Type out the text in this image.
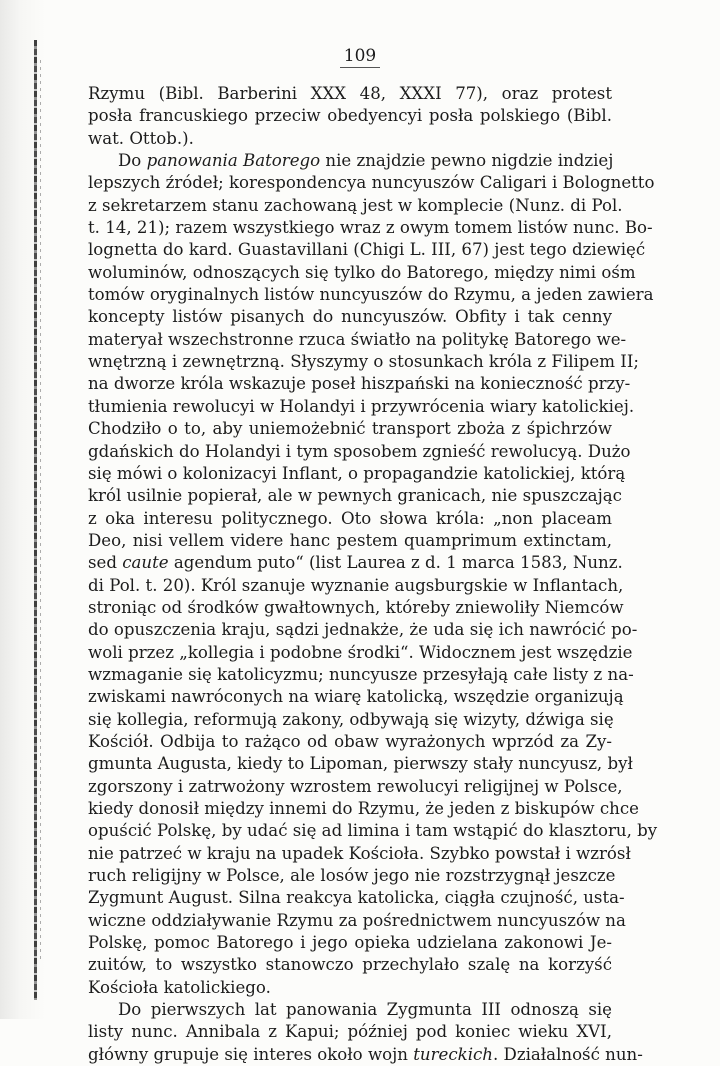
109
Rzymu (Bibl. Barberini XXX 48, XXXI 77), oraz protest
posła francuskiego przeciw obedyencyi posła polskiego (Bibl.
wat. Ottob.).
Do panowania Batorego nie znajdzie pewno nigdzie indziej
lepszych źródeł; korespondencya nuncyuszów Caligari i Bolognetto
z sekretarzem stanu zachowaną jest w komplecie (Nunz. di Pol.
t. 14, 21); razem wszystkiego wraz z owym tomem listów nunc. Bo-
lognetta do kard. Guastavillani (Chigi L. III, 67) jest tego dziewięć
woluminów, odnoszących się tylko do Batorego, między nimi ośm
tomów oryginalnych listów nuncyuszów do Rzymu, a jeden zawiera
koncepty listów pisanych do nuncyuszów. Obfity i tak cenny
materyał wszechstronne rzuca światło na politykę Batorego we-
wnętrzną i zewnętrzną. Słyszymy o stosunkach króla z Filipem II;
na dworze króla wskazuje poseł hiszpański na konieczność przy-
tłumienia rewolucyi w Holandyi i przywrócenia wiary katolickiej.
Chodziło o to, aby uniemożebnić transport zboża z śpichrzów
gdańskich do Holandyi i tym sposobem zgnieść rewolucyą. Dużo
się mówi o kolonizacyi Inflant, o propagandzie katolickiej, którą
król usilnie popierał, ale w pewnych granicach, nie spuszczając
z oka interesu politycznego. Oto słowa króla: „non placeam
Deo, nisi vellem videre hanc pestem quamprimum extinctam,
sed caute agendum puto“ (list Laurea z d. 1 marca 1583, Nunz.
di Pol. t. 20). Król szanuje wyznanie augsburgskie w Inflantach,
stroniąc od środków gwałtownych, któreby zniewoliły Niemców
do opuszczenia kraju, sądzi jednakże, że uda się ich nawrócić po-
woli przez „kollegia i podobne środki“. Widocznem jest wszędzie
wzmaganie się katolicyzmu; nuncyusze przesyłają całe listy z na-
zwiskami nawróconych na wiarę katolicką, wszędzie organizują
się kollegia, reformują zakony, odbywają się wizyty, dźwiga się
Kościół. Odbija to rażąco od obaw wyrażonych wprzód za Zy-
gmunta Augusta, kiedy to Lipoman, pierwszy stały nuncyusz, był
zgorszony i zatrwożony wzrostem rewolucyi religijnej w Polsce,
kiedy donosił między innemi do Rzymu, że jeden z biskupów chce
opuścić Polskę, by udać się ad limina i tam wstąpić do klasztoru, by
nie patrzeć w kraju na upadek Kościoła. Szybko powstał i wzrósł
ruch religijny w Polsce, ale losów jego nie rozstrzygnął jeszcze
Zygmunt August. Silna reakcya katolicka, ciągła czujność, usta-
wiczne oddziaływanie Rzymu za pośrednictwem nuncyuszów na
Polskę, pomoc Batorego i jego opieka udzielana zakonowi Je-
zuitów, to wszystko stanowczo przechylało szalę na korzyść
Kościoła katolickiego.
Do pierwszych lat panowania Zygmunta III odnoszą się
listy nunc. Annibala z Kapui; później pod koniec wieku XVI,
główny grupuje się interes około wojn tureckich. Działalność nun-
